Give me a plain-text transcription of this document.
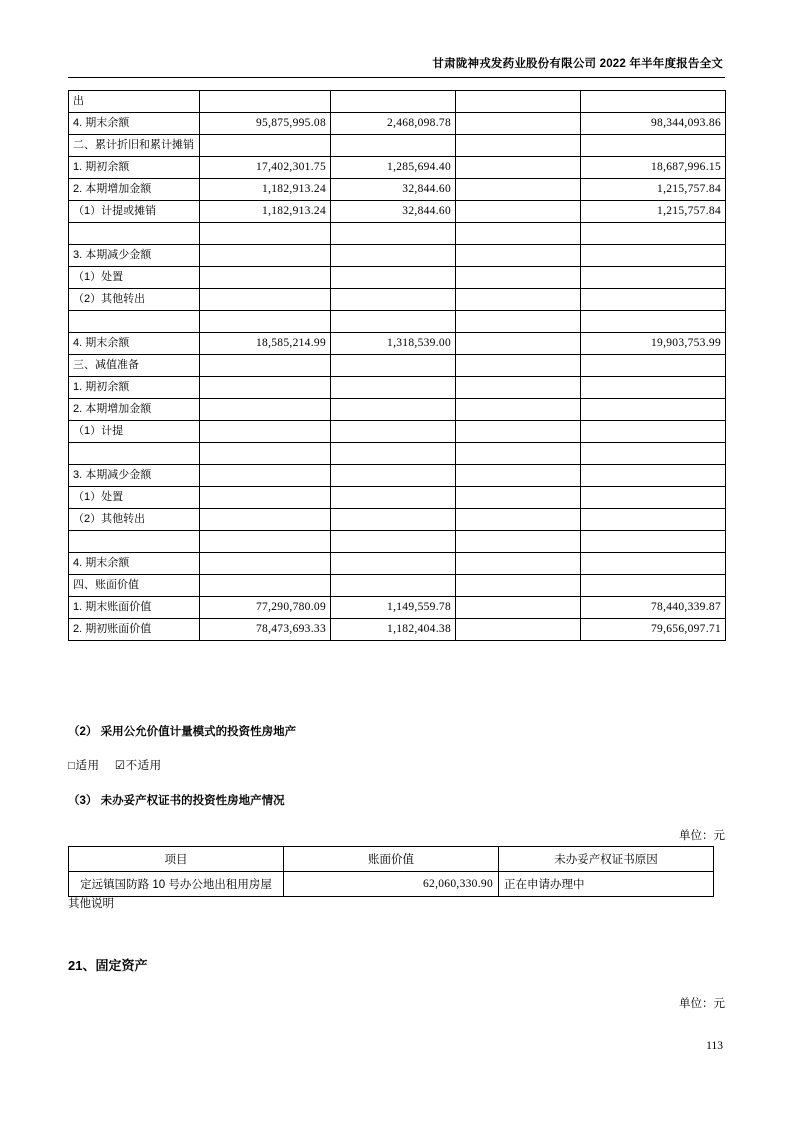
甘肃陇神戎发药业股份有限公司 2022 年半年度报告全文
出				
4. 期末余额	95,875,995.08	2,468,098.78		98,344,093.86
二、累计折旧和累计摊销				
1. 期初余额	17,402,301.75	1,285,694.40		18,687,996.15
2. 本期增加金额	1,182,913.24	32,844.60		1,215,757.84
（1）计提或摊销	1,182,913.24	32,844.60		1,215,757.84

3. 本期减少金额				
（1）处置				
（2）其他转出				

4. 期末余额	18,585,214.99	1,318,539.00		19,903,753.99
三、减值准备				
1. 期初余额				
2. 本期增加金额				
（1）计提				

3. 本期减少金额				
（1）处置				
（2）其他转出				

4. 期末余额				
四、账面价值				
1. 期末账面价值	77,290,780.09	1,149,559.78		78,440,339.87
2. 期初账面价值	78,473,693.33	1,182,404.38		79,656,097.71
（2） 采用公允价值计量模式的投资性房地产
□适用 ☑不适用
（3） 未办妥产权证书的投资性房地产情况
单位：元
项目	账面价值	未办妥产权证书原因
定远镇国防路 10 号办公地出租用房屋	62,060,330.90	正在申请办理中
其他说明
21、固定资产
单位：元
113
